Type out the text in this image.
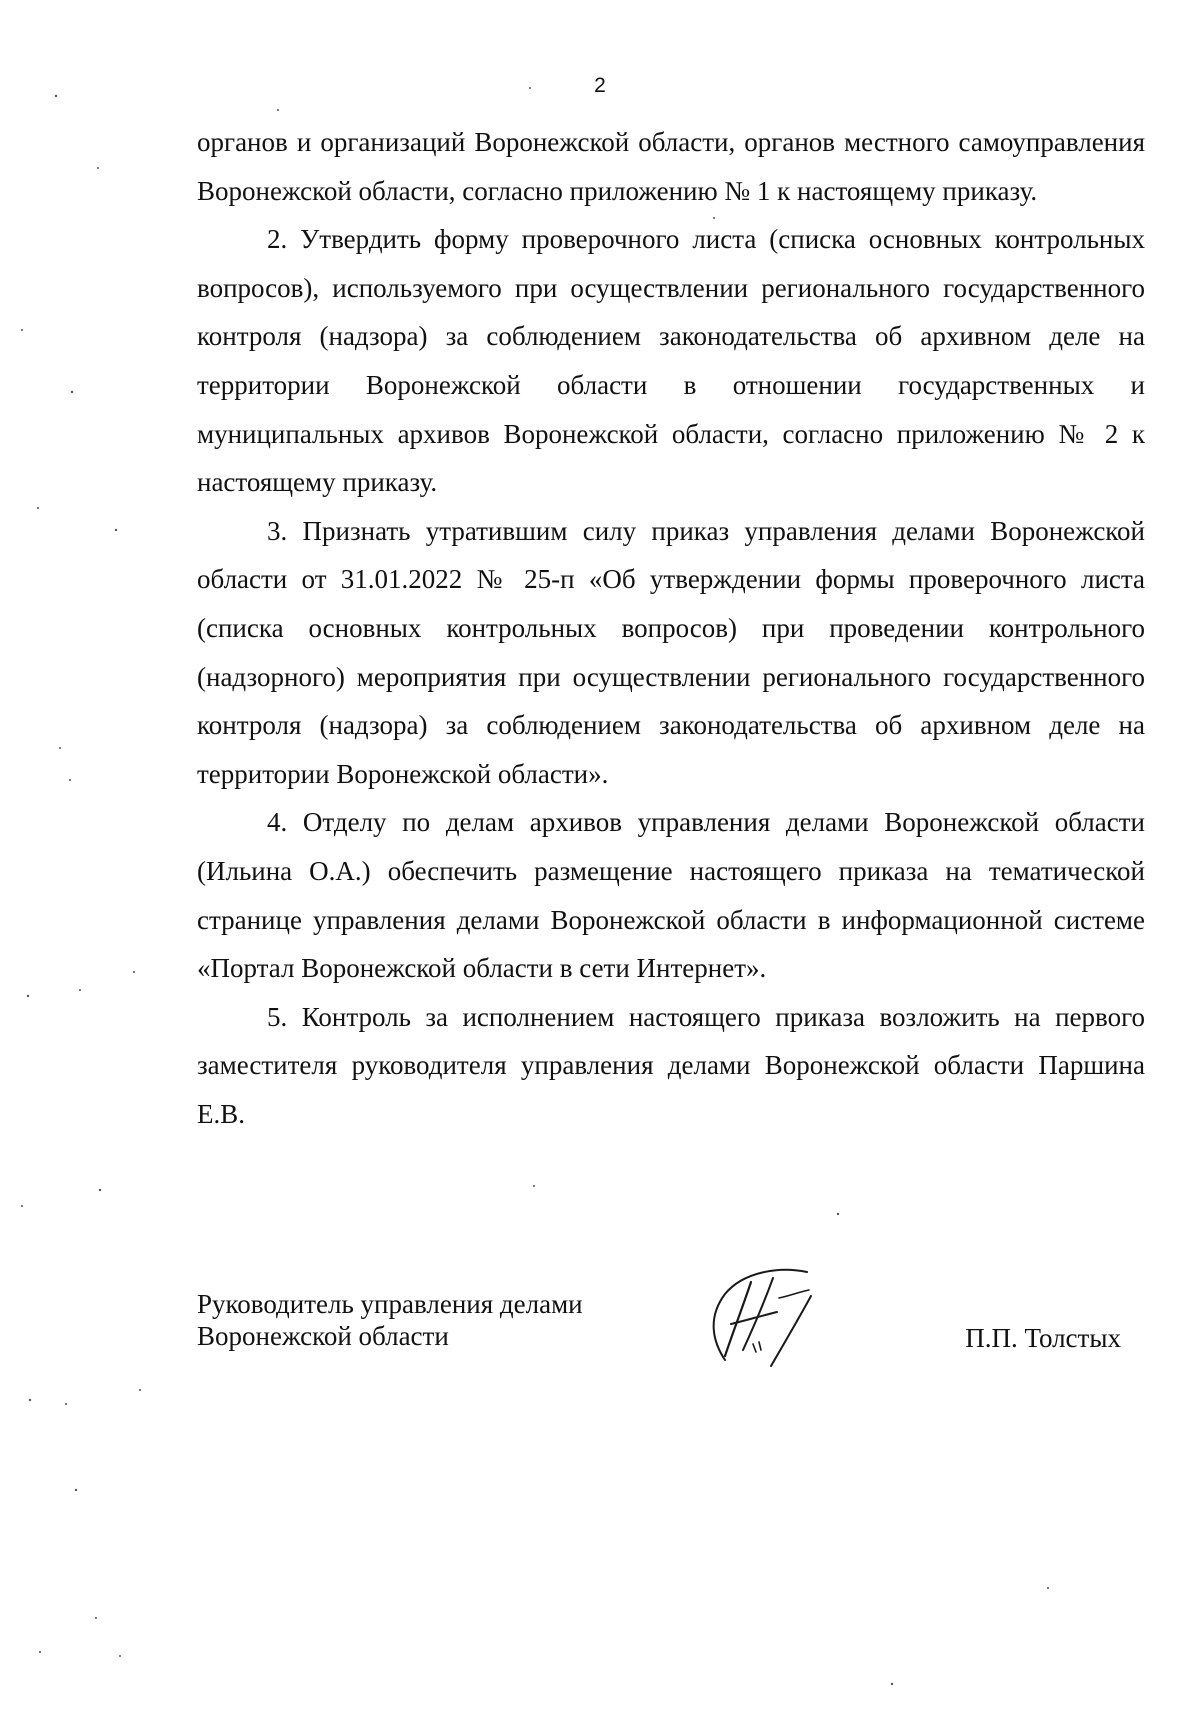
2

органов и организаций Воронежской области, органов местного самоуправления Воронежской области, согласно приложению № 1 к настоящему приказу.

2. Утвердить форму проверочного листа (списка основных контрольных вопросов), используемого при осуществлении регионального государственного контроля (надзора) за соблюдением законодательства об архивном деле на территории Воронежской области в отношении государственных и муниципальных архивов Воронежской области, согласно приложению № 2 к настоящему приказу.

3. Признать утратившим силу приказ управления делами Воронежской области от 31.01.2022 № 25-п «Об утверждении формы проверочного листа (списка основных контрольных вопросов) при проведении контрольного (надзорного) мероприятия при осуществлении регионального государственного контроля (надзора) за соблюдением законодательства об архивном деле на территории Воронежской области».

4. Отделу по делам архивов управления делами Воронежской области (Ильина О.А.) обеспечить размещение настоящего приказа на тематической странице управления делами Воронежской области в информационной системе «Портал Воронежской области в сети Интернет».

5. Контроль за исполнением настоящего приказа возложить на первого заместителя руководителя управления делами Воронежской области Паршина Е.В.

Руководитель управления делами
Воронежской области	П.П. Толстых
